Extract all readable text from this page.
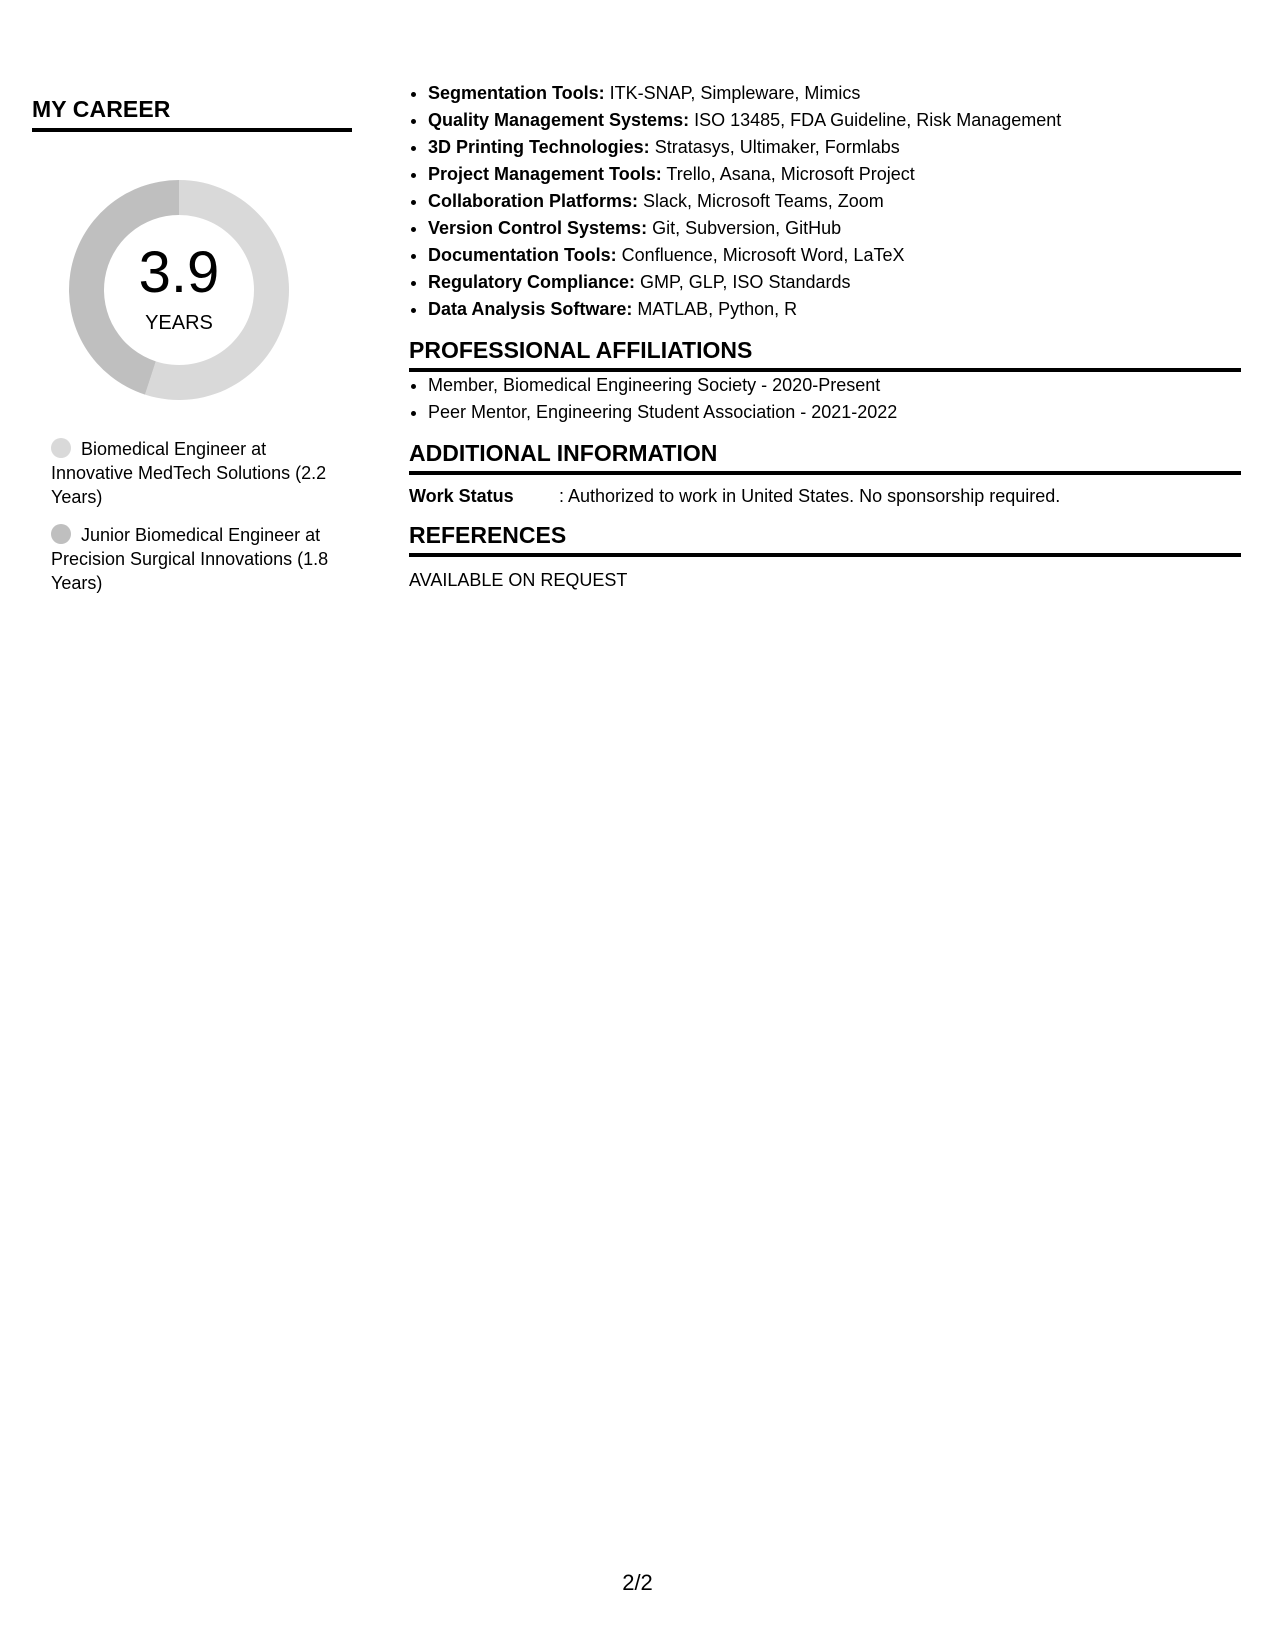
MY CAREER
3.9
YEARS
Biomedical Engineer at Innovative MedTech Solutions (2.2 Years)
Junior Biomedical Engineer at Precision Surgical Innovations (1.8 Years)
• Segmentation Tools: ITK-SNAP, Simpleware, Mimics
• Quality Management Systems: ISO 13485, FDA Guideline, Risk Management
• 3D Printing Technologies: Stratasys, Ultimaker, Formlabs
• Project Management Tools: Trello, Asana, Microsoft Project
• Collaboration Platforms: Slack, Microsoft Teams, Zoom
• Version Control Systems: Git, Subversion, GitHub
• Documentation Tools: Confluence, Microsoft Word, LaTeX
• Regulatory Compliance: GMP, GLP, ISO Standards
• Data Analysis Software: MATLAB, Python, R
PROFESSIONAL AFFILIATIONS
• Member, Biomedical Engineering Society - 2020-Present
• Peer Mentor, Engineering Student Association - 2021-2022
ADDITIONAL INFORMATION
Work Status	: Authorized to work in United States. No sponsorship required.
REFERENCES
AVAILABLE ON REQUEST
2/2
